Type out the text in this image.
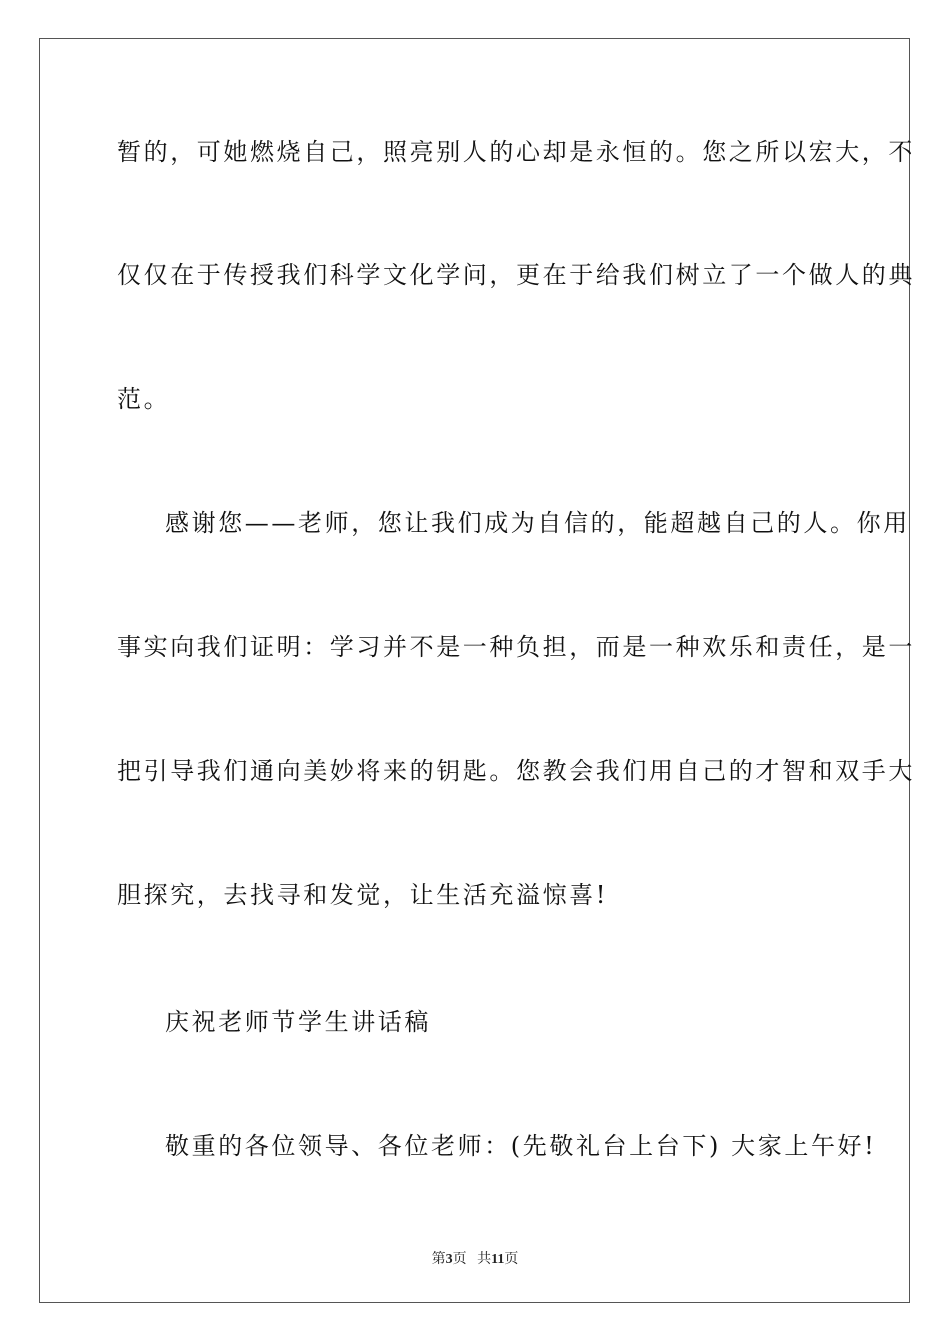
暂的，可她燃烧自己，照亮别人的心却是永恒的。您之所以宏大，不
仅仅在于传授我们科学文化学问，更在于给我们树立了一个做人的典
范。
感谢您——老师，您让我们成为自信的，能超越自己的人。你用
事实向我们证明：学习并不是一种负担，而是一种欢乐和责任，是一
把引导我们通向美妙将来的钥匙。您教会我们用自己的才智和双手大
胆探究，去找寻和发觉，让生活充溢惊喜!
庆祝老师节学生讲话稿
敬重的各位领导、各位老师：(先敬礼台上台下) 大家上午好!
第3页   共11页
